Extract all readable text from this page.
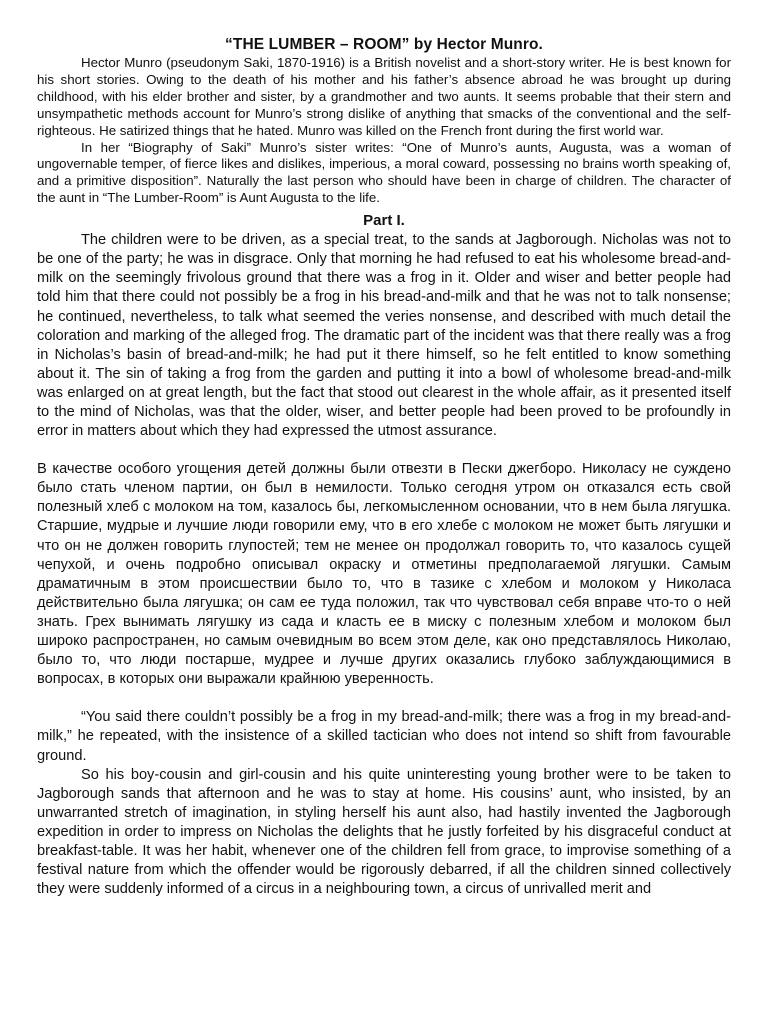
“THE LUMBER – ROOM” by Hector Munro.

Hector Munro (pseudonym Saki, 1870-1916) is a British novelist and a short-story writer. He is best known for his short stories. Owing to the death of his mother and his father’s absence abroad he was brought up during childhood, with his elder brother and sister, by a grandmother and two aunts. It seems probable that their stern and unsympathetic methods account for Munro’s strong dislike of anything that smacks of the conventional and the self-righteous. He satirized things that he hated. Munro was killed on the French front during the first world war.

In her “Biography of Saki” Munro’s sister writes: “One of Munro’s aunts, Augusta, was a woman of ungovernable temper, of fierce likes and dislikes, imperious, a moral coward, possessing no brains worth speaking of, and a primitive disposition”. Naturally the last person who should have been in charge of children. The character of the aunt in “The Lumber-Room” is Aunt Augusta to the life.

Part I.

The children were to be driven, as a special treat, to the sands at Jagborough. Nicholas was not to be one of the party; he was in disgrace. Only that morning he had refused to eat his wholesome bread-and-milk on the seemingly frivolous ground that there was a frog in it. Older and wiser and better people had told him that there could not possibly be a frog in his bread-and-milk and that he was not to talk nonsense; he continued, nevertheless, to talk what seemed the veries nonsense, and described with much detail the coloration and marking of the alleged frog. The dramatic part of the incident was that there really was a frog in Nicholas’s basin of bread-and-milk; he had put it there himself, so he felt entitled to know something about it. The sin of taking a frog from the garden and putting it into a bowl of wholesome bread-and-milk was enlarged on at great length, but the fact that stood out clearest in the whole affair, as it presented itself to the mind of Nicholas, was that the older, wiser, and better people had been proved to be profoundly in error in matters about which they had expressed the utmost assurance.

В качестве особого угощения детей должны были отвезти в Пески джегборо. Николасу не суждено было стать членом партии, он был в немилости. Только сегодня утром он отказался есть свой полезный хлеб с молоком на том, казалось бы, легкомысленном основании, что в нем была лягушка. Старшие, мудрые и лучшие люди говорили ему, что в его хлебе с молоком не может быть лягушки и что он не должен говорить глупостей; тем не менее он продолжал говорить то, что казалось сущей чепухой, и очень подробно описывал окраску и отметины предполагаемой лягушки. Самым драматичным в этом происшествии было то, что в тазике с хлебом и молоком у Николаса действительно была лягушка; он сам ее туда положил, так что чувствовал себя вправе что-то о ней знать. Грех вынимать лягушку из сада и класть ее в миску с полезным хлебом и молоком был широко распространен, но самым очевидным во всем этом деле, как оно представлялось Николаю, было то, что люди постарше, мудрее и лучше других оказались глубоко заблуждающимися в вопросах, в которых они выражали крайнюю уверенность.

“You said there couldn’t possibly be a frog in my bread-and-milk; there was a frog in my bread-and-milk,” he repeated, with the insistence of a skilled tactician who does not intend so shift from favourable ground.

So his boy-cousin and girl-cousin and his quite uninteresting young brother were to be taken to Jagborough sands that afternoon and he was to stay at home. His cousins’ aunt, who insisted, by an unwarranted stretch of imagination, in styling herself his aunt also, had hastily invented the Jagborough expedition in order to impress on Nicholas the delights that he justly forfeited by his disgraceful conduct at breakfast-table. It was her habit, whenever one of the children fell from grace, to improvise something of a festival nature from which the offender would be rigorously debarred, if all the children sinned collectively they were suddenly informed of a circus in a neighbouring town, a circus of unrivalled merit and
